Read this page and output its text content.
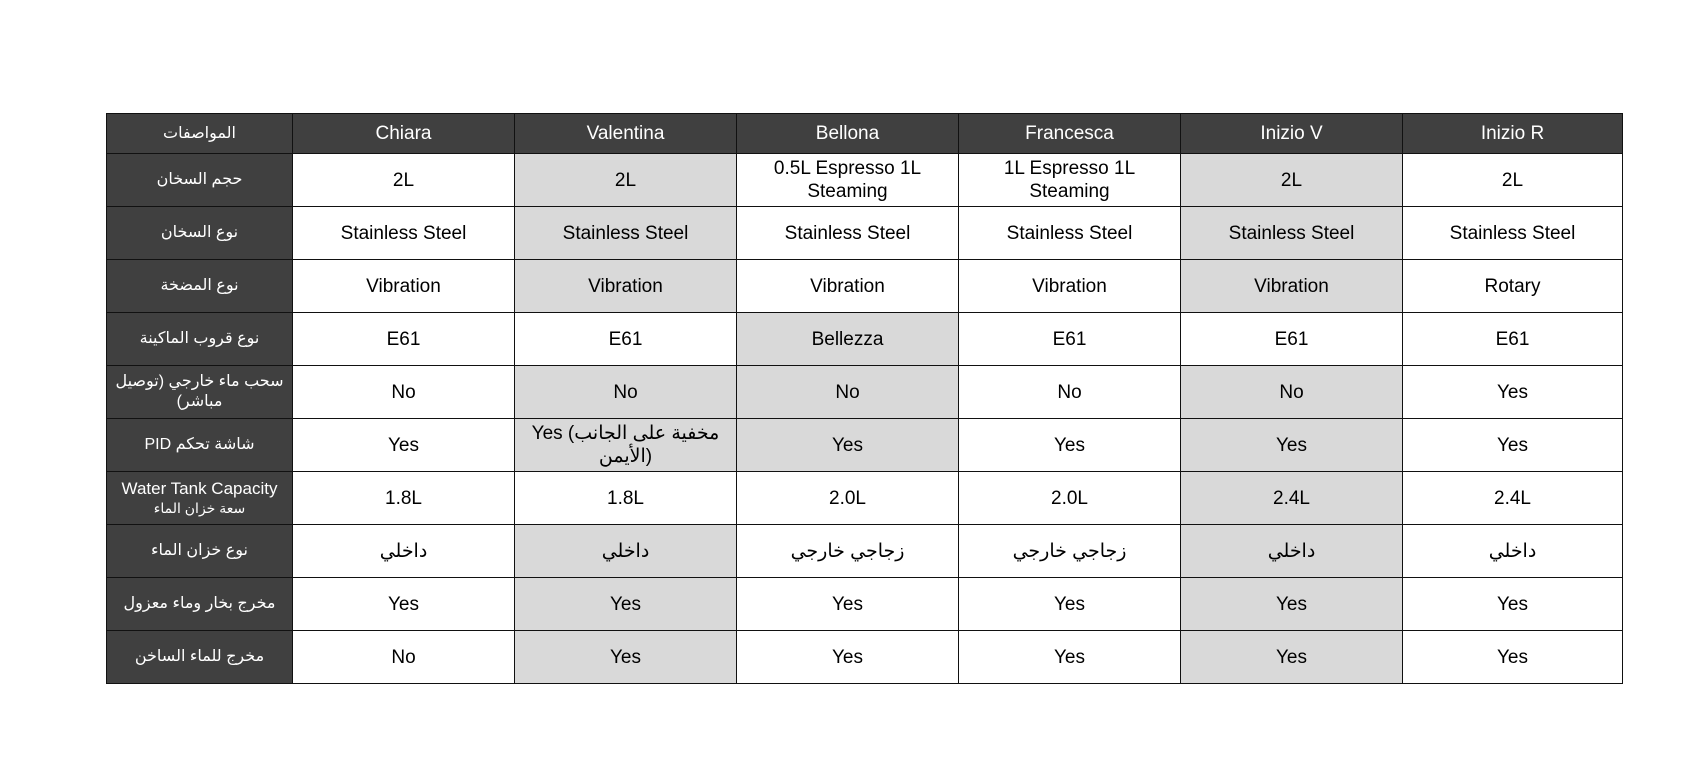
المواصفات	Chiara	Valentina	Bellona	Francesca	Inizio V	Inizio R
حجم السخان	2L	2L	0.5L Espresso 1L Steaming	1L Espresso 1L Steaming	2L	2L
نوع السخان	Stainless Steel	Stainless Steel	Stainless Steel	Stainless Steel	Stainless Steel	Stainless Steel
نوع المضخة	Vibration	Vibration	Vibration	Vibration	Vibration	Rotary
نوع قروب الماكينة	E61	E61	Bellezza	E61	E61	E61
سحب ماء خارجي (توصيل مباشر)	No	No	No	No	No	Yes
شاشة تحكم PID	Yes	Yes (مخفية على الجانب الأيمن)	Yes	Yes	Yes	Yes

Water Tank Capacity
سعة خزان الماء	1.8L	1.8L	2.0L	2.0L	2.4L	2.4L
نوع خزان الماء	داخلي	داخلي	زجاجي خارجي	زجاجي خارجي	داخلي	داخلي
مخرج بخار وماء معزول	Yes	Yes	Yes	Yes	Yes	Yes
مخرج للماء الساخن	No	Yes	Yes	Yes	Yes	Yes
